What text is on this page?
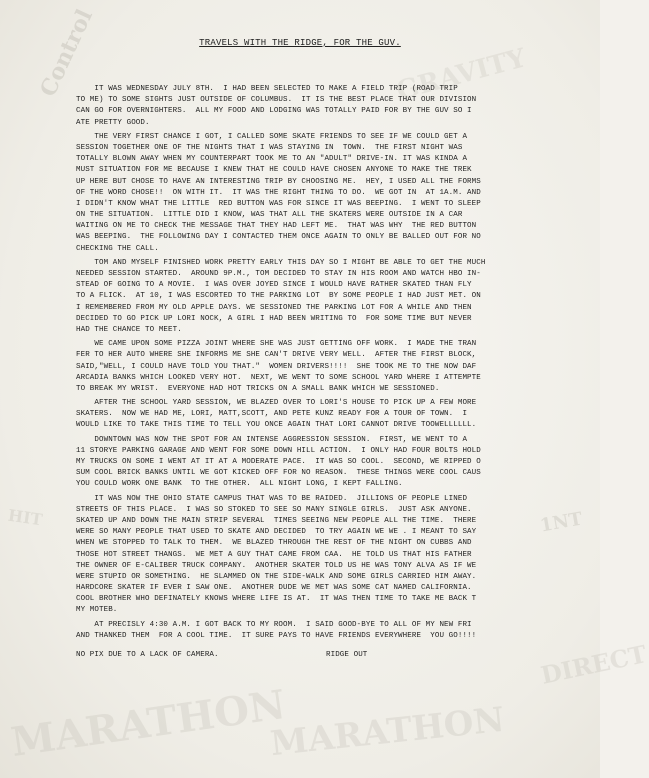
Control	GRAVITY
MARATHON
MARATHON
1NT
HIT
DIRECT
TRAVELS WITH THE RIDGE, FOR THE GUV.
IT WAS WEDNESDAY JULY 8TH.  I HAD BEEN SELECTED TO MAKE A FIELD TRIP (ROAD TRIP
TO ME) TO SOME SIGHTS JUST OUTSIDE OF COLUMBUS.  IT IS THE BEST PLACE THAT OUR DIVISION
CAN GO FOR OVERNIGHTERS.  ALL MY FOOD AND LODGING WAS TOTALLY PAID FOR BY THE GUV SO I
ATE PRETTY GOOD.
THE VERY FIRST CHANCE I GOT, I CALLED SOME SKATE FRIENDS TO SEE IF WE COULD GET A
SESSION TOGETHER ONE OF THE NIGHTS THAT I WAS STAYING IN  TOWN.  THE FIRST NIGHT WAS
TOTALLY BLOWN AWAY WHEN MY COUNTERPART TOOK ME TO AN "ADULT" DRIVE-IN. IT WAS KINDA A
MUST SITUATION FOR ME BECAUSE I KNEW THAT HE COULD HAVE CHOSEN ANYONE TO MAKE THE TREK
UP HERE BUT CHOSE TO HAVE AN INTERESTING TRIP BY CHOOSING ME.  HEY, I USED ALL THE FORMS
OF THE WORD CHOSE!!  ON WITH IT.  IT WAS THE RIGHT THING TO DO.  WE GOT IN  AT 1A.M. AND
I DIDN'T KNOW WHAT THE LITTLE  RED BUTTON WAS FOR SINCE IT WAS BEEPING.  I WENT TO SLEEP
ON THE SITUATION.  LITTLE DID I KNOW, WAS THAT ALL THE SKATERS WERE OUTSIDE IN A CAR
WAITING ON ME TO CHECK THE MESSAGE THAT THEY HAD LEFT ME.  THAT WAS WHY  THE RED BUTTON
WAS BEEPING.  THE FOLLOWING DAY I CONTACTED THEM ONCE AGAIN TO ONLY BE BALLED OUT FOR NO
CHECKING THE CALL.
TOM AND MYSELF FINISHED WORK PRETTY EARLY THIS DAY SO I MIGHT BE ABLE TO GET THE MUCH
NEEDED SESSION STARTED.  AROUND 9P.M., TOM DECIDED TO STAY IN HIS ROOM AND WATCH HBO IN-
STEAD OF GOING TO A MOVIE.  I WAS OVER JOYED SINCE I WOULD HAVE RATHER SKATED THAN FLY
TO A FLICK.  AT 10, I WAS ESCORTED TO THE PARKING LOT  BY SOME PEOPLE I HAD JUST MET. ON
I REMEMBERED FROM MY OLD APPLE DAYS. WE SESSIONED THE PARKING LOT FOR A WHILE AND THEN
DECIDED TO GO PICK UP LORI NOCK, A GIRL I HAD BEEN WRITING TO  FOR SOME TIME BUT NEVER
HAD THE CHANCE TO MEET.
WE CAME UPON SOME PIZZA JOINT WHERE SHE WAS JUST GETTING OFF WORK.  I MADE THE TRAN
FER TO HER AUTO WHERE SHE INFORMS ME SHE CAN'T DRIVE VERY WELL.  AFTER THE FIRST BLOCK,
SAID,"WELL, I COULD HAVE TOLD YOU THAT."  WOMEN DRIVERS!!!!  SHE TOOK ME TO THE NOW DAF
ARCADIA BANKS WHICH LOOKED VERY HOT.  NEXT, WE WENT TO SOME SCHOOL YARD WHERE I ATTEMPTE
TO BREAK MY WRIST.  EVERYONE HAD HOT TRICKS ON A SMALL BANK WHICH WE SESSIONED.
AFTER THE SCHOOL YARD SESSION, WE BLAZED OVER TO LORI'S HOUSE TO PICK UP A FEW MORE
SKATERS.  NOW WE HAD ME, LORI, MATT,SCOTT, AND PETE KUNZ READY FOR A TOUR OF TOWN.  I
WOULD LIKE TO TAKE THIS TIME TO TELL YOU ONCE AGAIN THAT LORI CANNOT DRIVE TOOWELLLLLL.
DOWNTOWN WAS NOW THE SPOT FOR AN INTENSE AGGRESSION SESSION.  FIRST, WE WENT TO A
11 STORYE PARKING GARAGE AND WENT FOR SOME DOWN HILL ACTION.  I ONLY HAD FOUR BOLTS HOLD
MY TRUCKS ON SOME I WENT AT IT AT A MODERATE PACE.  IT WAS SO COOL.  SECOND, WE RIPPED O
SUM COOL BRICK BANKS UNTIL WE GOT KICKED OFF FOR NO REASON.  THESE THINGS WERE COOL CAUS
YOU COULD WORK ONE BANK  TO THE OTHER.  ALL NIGHT LONG, I KEPT FALLING.
IT WAS NOW THE OHIO STATE CAMPUS THAT WAS TO BE RAIDED.  JILLIONS OF PEOPLE LINED
STREETS OF THIS PLACE.  I WAS SO STOKED TO SEE SO MANY SINGLE GIRLS.  JUST ASK ANYONE.
SKATED UP AND DOWN THE MAIN STRIP SEVERAL  TIMES SEEING NEW PEOPLE ALL THE TIME.  THERE
WERE SO MANY PEOPLE THAT USED TO SKATE AND DECIDED  TO TRY AGAIN WE WE . I MEANT TO SAY
WHEN WE STOPPED TO TALK TO THEM.  WE BLAZED THROUGH THE REST OF THE NIGHT ON CUBBS AND
THOSE HOT STREET THANGS.  WE MET A GUY THAT CAME FROM CAA.  HE TOLD US THAT HIS FATHER
THE OWNER OF E-CALIBER TRUCK COMPANY.  ANOTHER SKATER TOLD US HE WAS TONY ALVA AS IF WE
WERE STUPID OR SOMETHING.  HE SLAMMED ON THE SIDE-WALK AND SOME GIRLS CARRIED HIM AWAY.
HARDCORE SKATER IF EVER I SAW ONE.  ANOTHER DUDE WE MET WAS SOME CAT NAMED CALIFORNIA.
COOL BROTHER WHO DEFINATELY KNOWS WHERE LIFE IS AT.  IT WAS THEN TIME TO TAKE ME BACK T
MY MOTEB.
AT PRECISLY 4:30 A.M. I GOT BACK TO MY ROOM.  I SAID GOOD-BYE TO ALL OF MY NEW FRI
AND THANKED THEM  FOR A COOL TIME.  IT SURE PAYS TO HAVE FRIENDS EVERYWHERE  YOU GO!!!!
NO PIX DUE TO A LACK OF CAMERA.	RIDGE OUT
